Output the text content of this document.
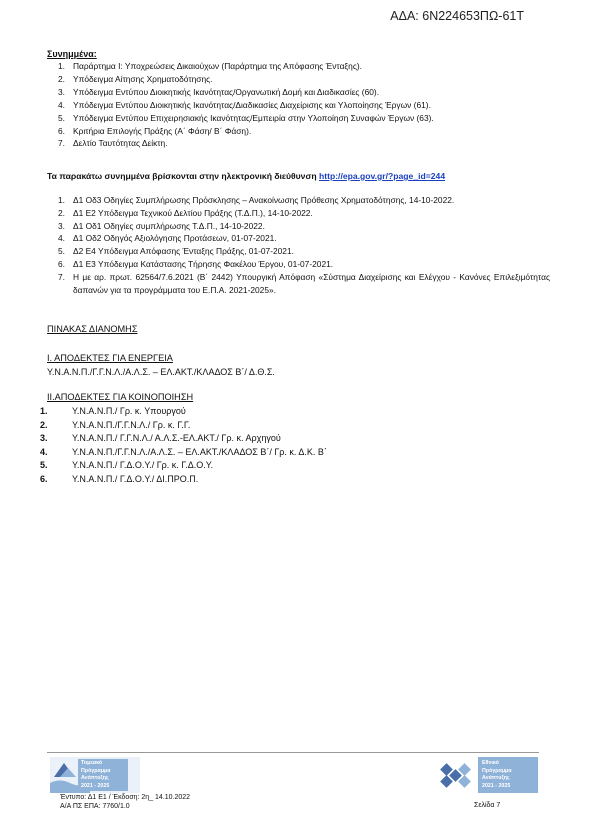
ΑΔΑ: 6Ν224653ΠΩ-61Τ
Συνημμένα:
1. Παράρτημα Ι: Υποχρεώσεις Δικαιούχων (Παράρτημα της Απόφασης Ένταξης).
2. Υπόδειγμα Αίτησης Χρηματοδότησης.
3. Υπόδειγμα Εντύπου Διοικητικής Ικανότητας/Οργανωτική Δομή και Διαδικασίες (60).
4. Υπόδειγμα Εντύπου Διοικητικής Ικανότητας/Διαδικασίες Διαχείρισης και Υλοποίησης Έργων (61).
5. Υπόδειγμα Εντύπου Επιχειρησιακής Ικανότητας/Εμπειρία στην Υλοποίηση Συναφών Έργων (63).
6. Κριτήρια Επιλογής Πράξης (Α΄ Φάση/ Β΄ Φάση).
7. Δελτίο Ταυτότητας Δείκτη.
Τα παρακάτω συνημμένα βρίσκονται στην ηλεκτρονική διεύθυνση http://epa.gov.gr/?page_id=244
1. Δ1 Οδ3 Οδηγίες Συμπλήρωσης Πρόσκλησης – Ανακοίνωσης Πρόθεσης Χρηματοδότησης, 14-10-2022.
2. Δ1 Ε2 Υπόδειγμα Τεχνικού Δελτίου Πράξης (Τ.Δ.Π.), 14-10-2022.
3. Δ1 Οδ1 Οδηγίες συμπλήρωσης Τ.Δ.Π., 14-10-2022.
4. Δ1 Οδ2 Οδηγός Αξιολόγησης Προτάσεων, 01-07-2021.
5. Δ2 Ε4 Υπόδειγμα Απόφασης Ένταξης Πράξης, 01-07-2021.
6. Δ1 Ε3 Υπόδειγμα Κατάστασης Τήρησης Φακέλου Έργου, 01-07-2021.
7. Η με αρ. πρωτ. 62564/7.6.2021 (Β΄ 2442) Υπουργική Απόφαση «Σύστημα Διαχείρισης και Ελέγχου - Κανόνες Επιλεξιμότητας δαπανών για τα προγράμματα του Ε.Π.Α. 2021-2025».
ΠΙΝΑΚΑΣ ΔΙΑΝΟΜΗΣ
Ι. ΑΠΟΔΕΚΤΕΣ ΓΙΑ ΕΝΕΡΓΕΙΑ
Υ.Ν.Α.Ν.Π./Γ.Γ.Ν.Λ./Α.Λ.Σ. – ΕΛ.ΑΚΤ./ΚΛΑΔΟΣ Β΄/ Δ.Θ.Σ.
ΙΙ.ΑΠΟΔΕΚΤΕΣ ΓΙΑ ΚΟΙΝΟΠΟΙΗΣΗ
1.	Υ.Ν.Α.Ν.Π./ Γρ. κ. Υπουργού
2.	Υ.Ν.Α.Ν.Π./Γ.Γ.Ν.Λ./ Γρ. κ. Γ.Γ.
3.	Υ.Ν.Α.Ν.Π./ Γ.Γ.Ν.Λ./ Α.Λ.Σ.-ΕΛ.ΑΚΤ./ Γρ. κ. Αρχηγού
4.	Υ.Ν.Α.Ν.Π./Γ.Γ.Ν.Λ./Α.Λ.Σ. – ΕΛ.ΑΚΤ./ΚΛΑΔΟΣ Β΄/ Γρ. κ. Δ.Κ. Β΄
5.	Υ.Ν.Α.Ν.Π./ Γ.Δ.Ο.Υ./ Γρ. κ. Γ.Δ.Ο.Υ.
6.	Υ.Ν.Α.Ν.Π./ Γ.Δ.Ο.Υ./ ΔΙ.ΠΡΟ.Π.
Τομεακό
Πρόγραμμα
Ανάπτυξης
2021 - 2025
Εθνικό
Πρόγραμμα
Ανάπτυξης
2021 - 2025
Έντυπο: Δ1 Ε1 / Έκδοση: 2η_ 14.10.2022
Α/Α ΠΣ ΕΠΑ: 7760/1.0	Σελίδα 7
